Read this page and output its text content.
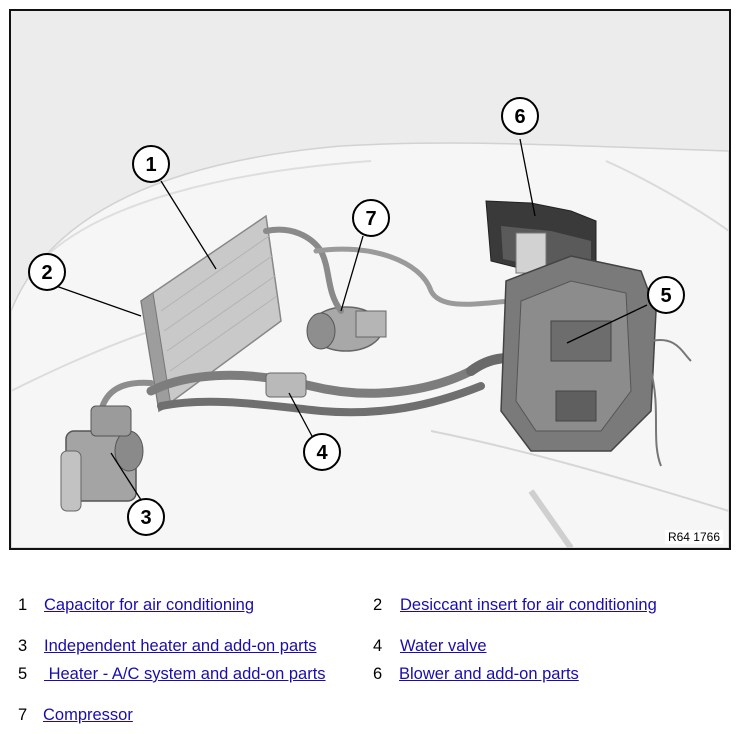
1
2
3
4
5
6
7
R64 1766
1 Capacitor for air conditioning	2 Desiccant insert for air conditioning
3 Independent heater and add-on parts	4 Water valve
5 Heater - A/C system and add-on parts	6 Blower and add-on parts
7 Compressor
